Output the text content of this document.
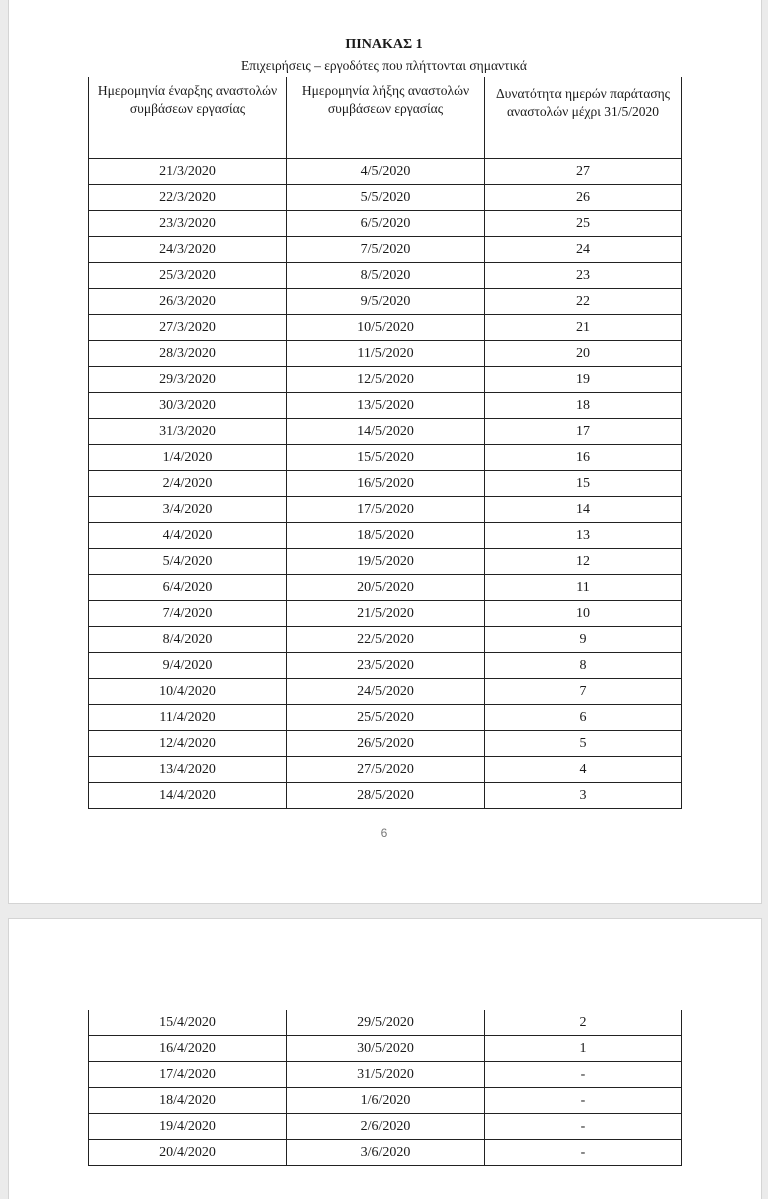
ΠΙΝΑΚΑΣ 1
Επιχειρήσεις – εργοδότες που πλήττονται σημαντικά
Ημερομηνία έναρξης αναστολών συμβάσεων εργασίας	Ημερομηνία λήξης αναστολών συμβάσεων εργασίας	Δυνατότητα ημερών παράτασης αναστολών μέχρι 31/5/2020
21/3/2020	4/5/2020	27
22/3/2020	5/5/2020	26
23/3/2020	6/5/2020	25
24/3/2020	7/5/2020	24
25/3/2020	8/5/2020	23
26/3/2020	9/5/2020	22
27/3/2020	10/5/2020	21
28/3/2020	11/5/2020	20
29/3/2020	12/5/2020	19
30/3/2020	13/5/2020	18
31/3/2020	14/5/2020	17
1/4/2020	15/5/2020	16
2/4/2020	16/5/2020	15
3/4/2020	17/5/2020	14
4/4/2020	18/5/2020	13
5/4/2020	19/5/2020	12
6/4/2020	20/5/2020	11
7/4/2020	21/5/2020	10
8/4/2020	22/5/2020	9
9/4/2020	23/5/2020	8
10/4/2020	24/5/2020	7
11/4/2020	25/5/2020	6
12/4/2020	26/5/2020	5
13/4/2020	27/5/2020	4
14/4/2020	28/5/2020	3
6
15/4/2020	29/5/2020	2
16/4/2020	30/5/2020	1
17/4/2020	31/5/2020	-
18/4/2020	1/6/2020	-
19/4/2020	2/6/2020	-
20/4/2020	3/6/2020	-
